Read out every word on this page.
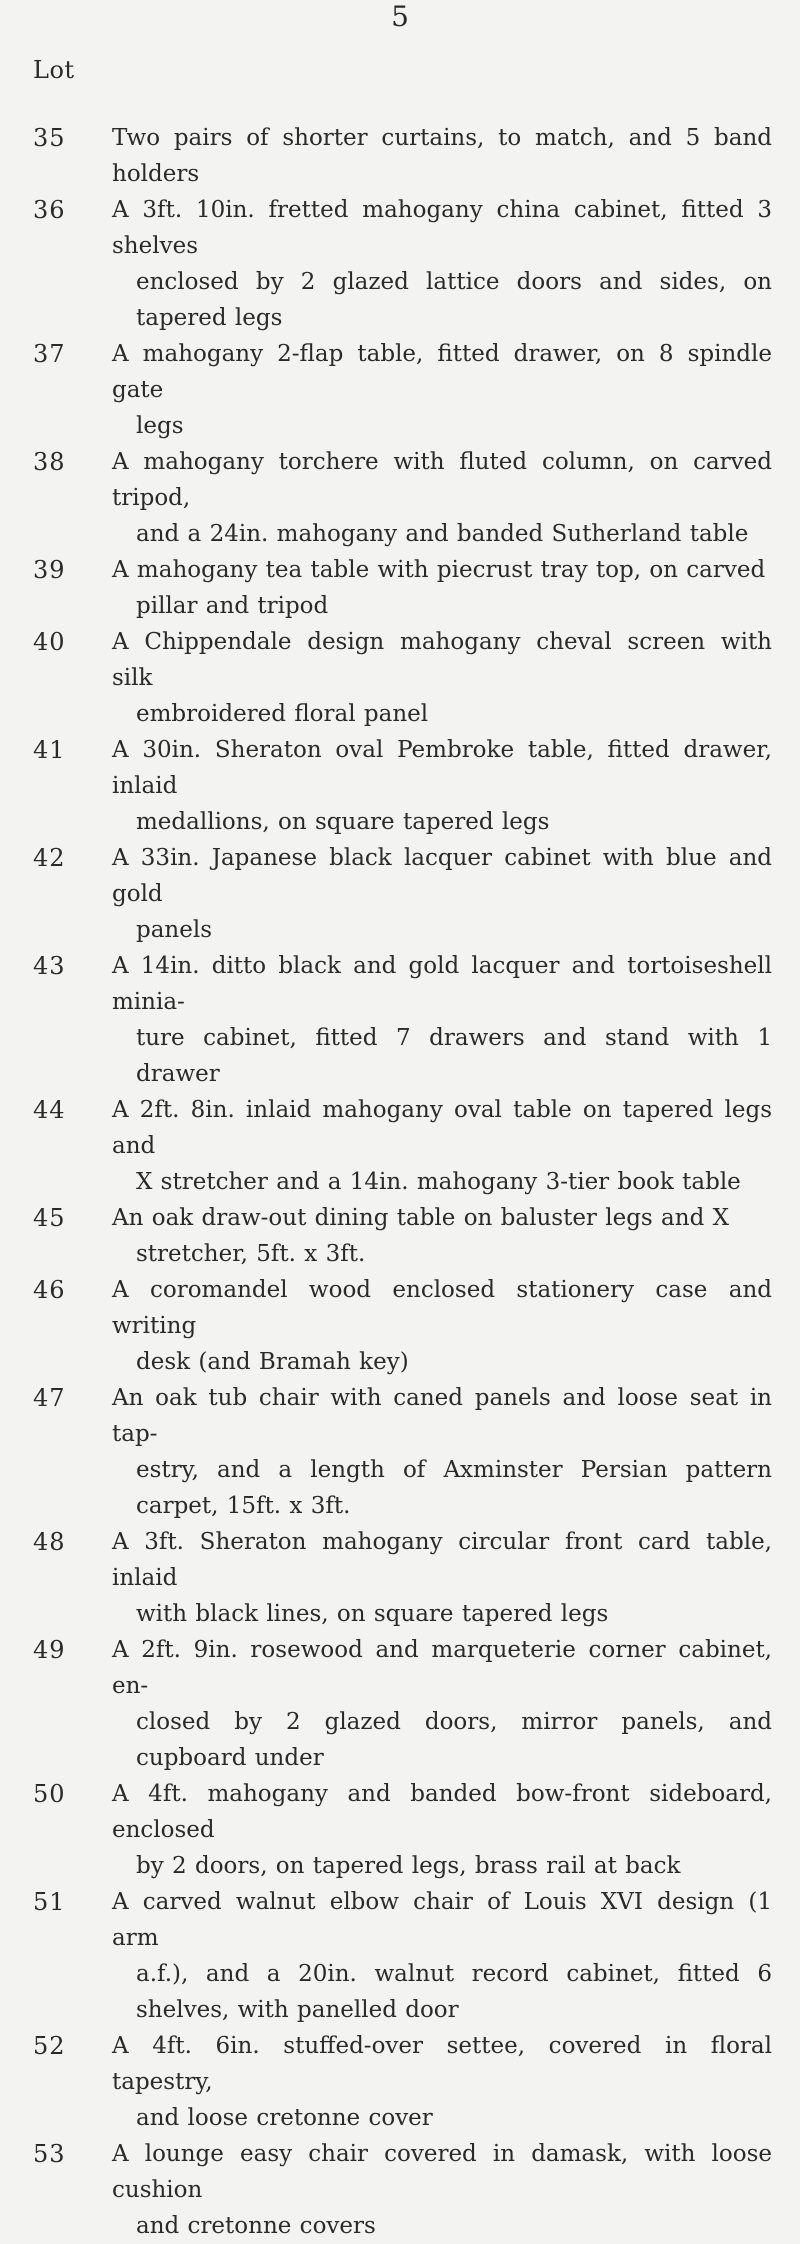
5
Lot
35	Two pairs of shorter curtains, to match, and 5 band holders
36	A 3ft. 10in. fretted mahogany china cabinet, fitted 3 shelves
enclosed by 2 glazed lattice doors and sides, on tapered legs
37	A mahogany 2-flap table, fitted drawer, on 8 spindle gate
legs
38	A mahogany torchere with fluted column, on carved tripod,
and a 24in. mahogany and banded Sutherland table
39	A mahogany tea table with piecrust tray top, on carved
pillar and tripod
40	A Chippendale design mahogany cheval screen with silk
embroidered floral panel
41	A 30in. Sheraton oval Pembroke table, fitted drawer, inlaid
medallions, on square tapered legs
42	A 33in. Japanese black lacquer cabinet with blue and gold
panels
43	A 14in. ditto black and gold lacquer and tortoiseshell minia-
ture cabinet, fitted 7 drawers and stand with 1 drawer
44	A 2ft. 8in. inlaid mahogany oval table on tapered legs and
X stretcher and a 14in. mahogany 3-tier book table
45	An oak draw-out dining table on baluster legs and X
stretcher, 5ft. x 3ft.
46	A coromandel wood enclosed stationery case and writing
desk (and Bramah key)
47	An oak tub chair with caned panels and loose seat in tap-
estry, and a length of Axminster Persian pattern carpet, 15ft. x 3ft.
48	A 3ft. Sheraton mahogany circular front card table, inlaid
with black lines, on square tapered legs
49	A 2ft. 9in. rosewood and marqueterie corner cabinet, en-
closed by 2 glazed doors, mirror panels, and cupboard under
50	A 4ft. mahogany and banded bow-front sideboard, enclosed
by 2 doors, on tapered legs, brass rail at back
51	A carved walnut elbow chair of Louis XVI design (1 arm
a.f.), and a 20in. walnut record cabinet, fitted 6 shelves, with panelled door
52	A 4ft. 6in. stuffed-over settee, covered in floral tapestry,
and loose cretonne cover
53	A lounge easy chair covered in damask, with loose cushion
and cretonne covers
